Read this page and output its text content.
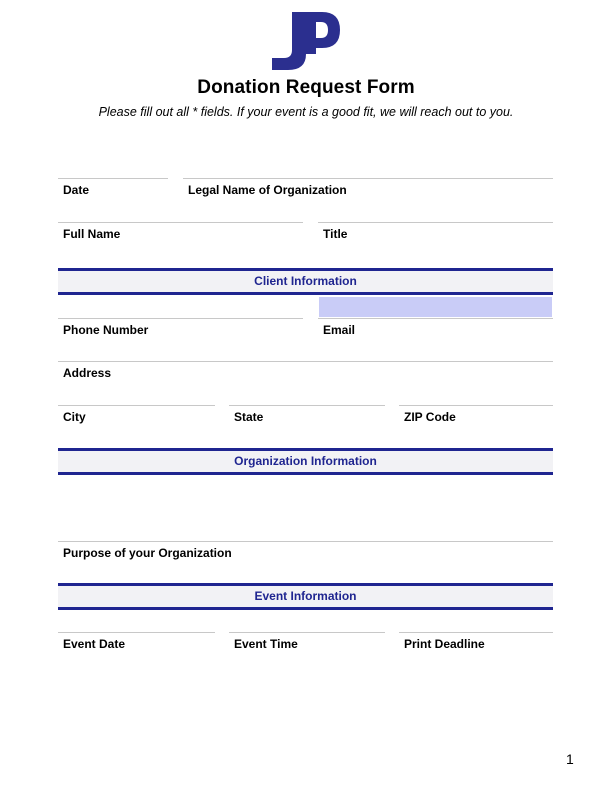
Donation Request Form
Please fill out all * fields. If your event is a good fit, we will reach out to you.
Date	Legal Name of Organization
Full Name	Title
Client Information
Phone Number	Email
Address
City	State	ZIP Code
Organization Information
Purpose of your Organization
Event Information
Event Date	Event Time	Print Deadline
1
